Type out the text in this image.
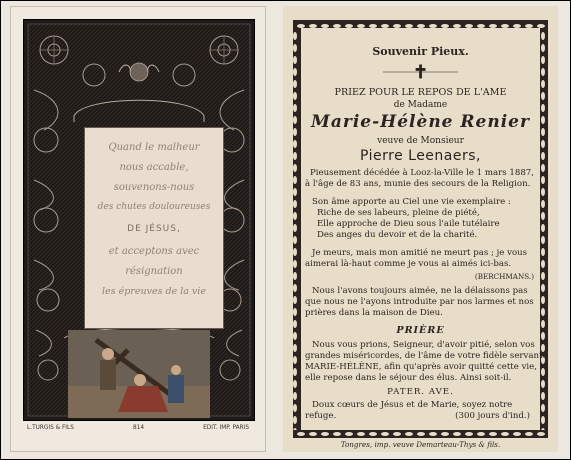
Quand le malheur
nous accable,
souvenons-nous
des chutes douloureuses
DE JÉSUS,
et acceptons avec
résignation
les épreuves de la vie
L.TURGIS & FILS	814	EDIT. IMP. PARIS
Souvenir Pieux.
✝
PRIEZ POUR LE REPOS DE L'AME
de Madame
Marie-Hélène Renier
veuve de Monsieur
Pierre Leenaers,
Pieusement décédée à Looz-la-Ville le 1 mars 1887,
à l'âge de 83 ans, munie des secours de la Religion.
Son âme apporte au Ciel une vie exemplaire :
Riche de ses labeurs, pleine de piété,
Elle approche de Dieu sous l'aile tutélaire
Des anges du devoir et de la charité.
Je meurs, mais mon amitié ne meurt pas ; je vous
aimerai là-haut comme je vous ai aimés ici-bas.
(BERCHMANS.)
Nous l'avons toujours aimée, ne la délaissons pas
que nous ne l'ayons introduite par nos larmes et nos
prières dans la maison de Dieu.
PRIÈRE
Nous vous prions, Seigneur, d'avoir pitié, selon vos
grandes miséricordes, de l'âme de votre fidèle servante
MARIE-HÉLÈNE, afin qu'après avoir quitté cette vie,
elle repose dans le séjour des élus. Ainsi soit-il.
PATER. AVE.
Doux cœurs de Jésus et de Marie, soyez notre
refuge.	(300 jours d'ind.)
Tongres, imp. veuve Demarteau-Thys & fils.
